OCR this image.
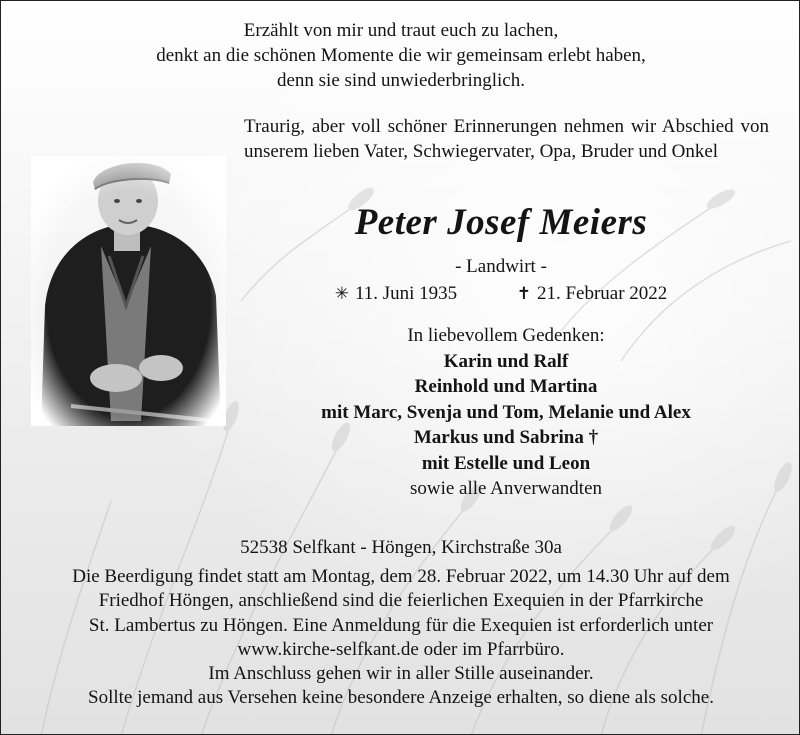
Erzählt von mir und traut euch zu lachen,
denkt an die schönen Momente die wir gemeinsam erlebt haben,
denn sie sind unwiederbringlich.
Traurig, aber voll schöner Erinnerungen nehmen wir Abschied von unserem lieben Vater, Schwiegervater, Opa, Bruder und Onkel
Peter Josef Meiers
- Landwirt -
✳ 11. Juni 1935	✝ 21. Februar 2022
In liebevollem Gedenken:
Karin und Ralf
Reinhold und Martina
mit Marc, Svenja und Tom, Melanie und Alex
Markus und Sabrina †
mit Estelle und Leon
sowie alle Anverwandten
52538 Selfkant - Höngen, Kirchstraße 30a
Die Beerdigung findet statt am Montag, dem 28. Februar 2022, um 14.30 Uhr auf dem
Friedhof Höngen, anschließend sind die feierlichen Exequien in der Pfarrkirche
St. Lambertus zu Höngen. Eine Anmeldung für die Exequien ist erforderlich unter
www.kirche-selfkant.de oder im Pfarrbüro.
Im Anschluss gehen wir in aller Stille auseinander.
Sollte jemand aus Versehen keine besondere Anzeige erhalten, so diene als solche.
